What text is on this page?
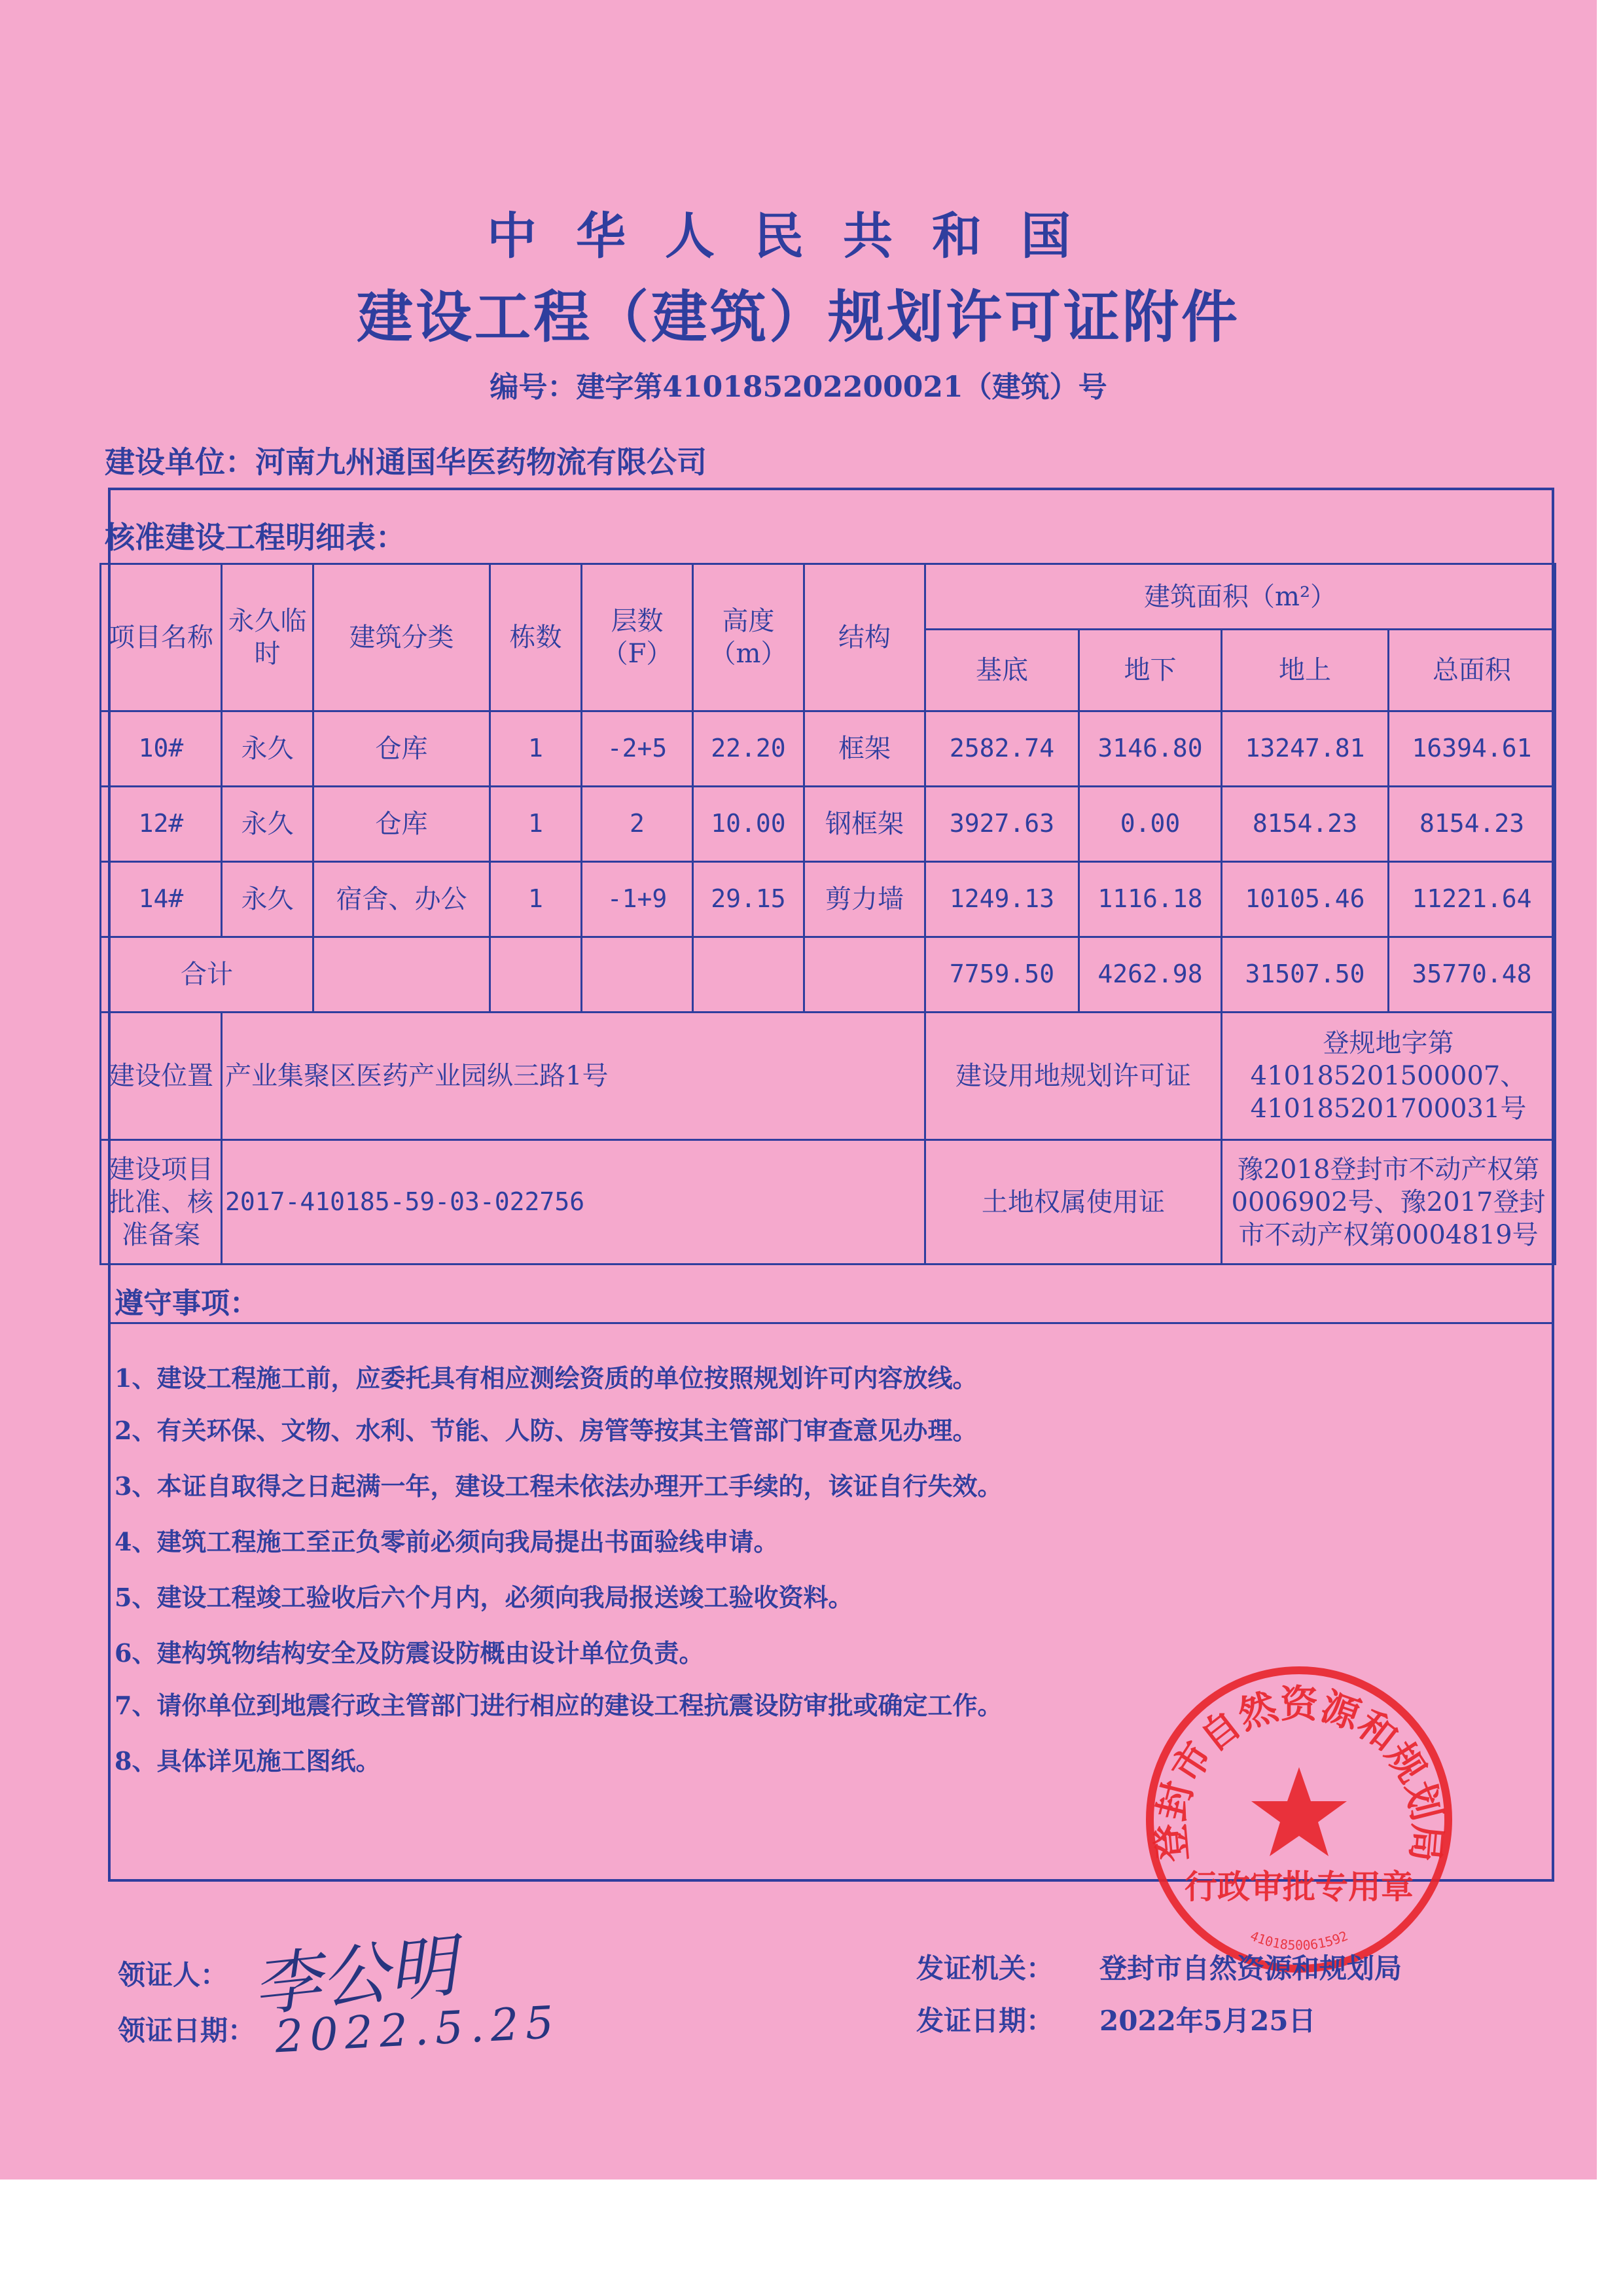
中华人民共和国
建设工程（建筑）规划许可证附件
编号：建字第410185202200021（建筑）号
建设单位：河南九州通国华医药物流有限公司
核准建设工程明细表：
项目名称	永久临时	建筑分类	栋数	层数（F）	高度（m）	结构	建筑面积（m²）			
							基底	地下	地上	总面积
10#	永久	仓库	1	-2+5	22.20	框架	2582.74	3146.80	13247.81	16394.61
12#	永久	仓库	1	2	10.00	钢框架	3927.63	0.00	8154.23	8154.23
14#	永久	宿舍、办公	1	-1+9	29.15	剪力墙	1249.13	1116.18	10105.46	11221.64
合计							7759.50	4262.98	31507.50	35770.48
建设位置	产业集聚区医药产业园纵三路1号						建设用地规划许可证		登规地字第410185201500007、410185201700031号	
建设项目批准、核准备案	2017-410185-59-03-022756						土地权属使用证		豫2018登封市不动产权第0006902号、豫2017登封市不动产权第0004819号	
遵守事项：
1、建设工程施工前，应委托具有相应测绘资质的单位按照规划许可内容放线。
2、有关环保、文物、水利、节能、人防、房管等按其主管部门审查意见办理。
3、本证自取得之日起满一年，建设工程未依法办理开工手续的，该证自行失效。
4、建筑工程施工至正负零前必须向我局提出书面验线申请。
5、建设工程竣工验收后六个月内，必须向我局报送竣工验收资料。
6、建构筑物结构安全及防震设防概由设计单位负责。
7、请你单位到地震行政主管部门进行相应的建设工程抗震设防审批或确定工作。
8、具体详见施工图纸。
登封市自然资源和规划局
行政审批专用章
4101850061592
领证人： 李公明
领证日期： 2022.5.25
发证机关： 登封市自然资源和规划局
发证日期： 2022年5月25日
